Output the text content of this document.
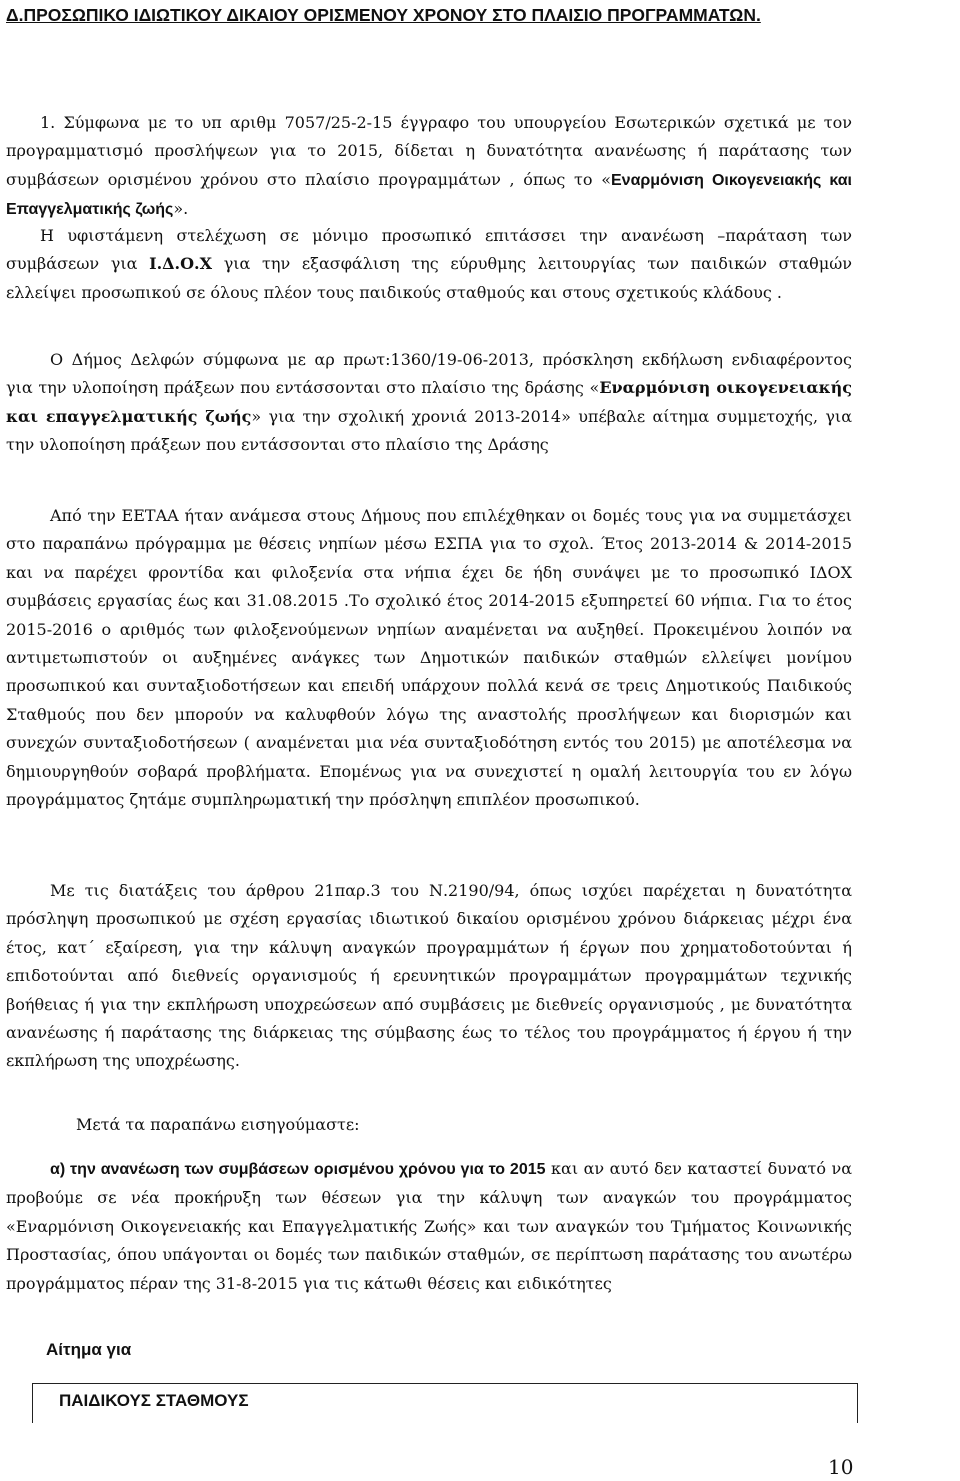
Δ.ΠΡΟΣΩΠΙΚΟ ΙΔΙΩΤΙΚΟΥ ΔΙΚΑΙΟΥ ΟΡΙΣΜΕΝΟΥ ΧΡΟΝΟΥ ΣΤΟ ΠΛΑΙΣΙΟ ΠΡΟΓΡΑΜΜΑΤΩΝ.
1. Σύμφωνα με το υπ αριθμ 7057/25-2-15 έγγραφο του υπουργείου Εσωτερικών σχετικά με τον προγραμματισμό προσλήψεων για το 2015, δίδεται η δυνατότητα ανανέωσης ή παράτασης των συμβάσεων ορισμένου χρόνου στο πλαίσιο προγραμμάτων , όπως το «Εναρμόνιση Οικογενειακής και Επαγγελματικής ζωής».
Η υφιστάμενη στελέχωση σε μόνιμο προσωπικό επιτάσσει την ανανέωση –παράταση των συμβάσεων για Ι.Δ.Ο.Χ για την εξασφάλιση της εύρυθμης λειτουργίας των παιδικών σταθμών ελλείψει προσωπικού σε όλους πλέον τους παιδικούς σταθμούς και στους σχετικούς κλάδους .
Ο Δήμος Δελφών σύμφωνα με αρ πρωτ:1360/19-06-2013, πρόσκληση εκδήλωση ενδιαφέροντος για την υλοποίηση πράξεων που εντάσσονται στο πλαίσιο της δράσης «Εναρμόνιση οικογενειακής και επαγγελματικής ζωής» για την σχολική χρονιά 2013-2014» υπέβαλε αίτημα συμμετοχής, για την υλοποίηση πράξεων που εντάσσονται στο πλαίσιο της Δράσης
Από την ΕΕΤΑΑ ήταν ανάμεσα στους Δήμους που επιλέχθηκαν οι δομές τους για να συμμετάσχει στο παραπάνω πρόγραμμα με θέσεις νηπίων μέσω ΕΣΠΑ για το σχολ. Έτος 2013-2014 & 2014-2015 και να παρέχει φροντίδα και φιλοξενία στα νήπια έχει δε ήδη συνάψει με το προσωπικό ΙΔΟΧ συμβάσεις εργασίας έως και 31.08.2015 .Το σχολικό έτος 2014-2015 εξυπηρετεί 60 νήπια. Για το έτος 2015-2016 ο αριθμός των φιλοξενούμενων νηπίων αναμένεται να αυξηθεί. Προκειμένου λοιπόν να αντιμετωπιστούν οι αυξημένες ανάγκες των Δημοτικών παιδικών σταθμών ελλείψει μονίμου προσωπικού και συνταξιοδοτήσεων και επειδή υπάρχουν πολλά κενά σε τρεις Δημοτικούς Παιδικούς Σταθμούς που δεν μπορούν να καλυφθούν λόγω της αναστολής προσλήψεων και διορισμών και συνεχών συνταξιοδοτήσεων ( αναμένεται μια νέα συνταξιοδότηση εντός του 2015) με αποτέλεσμα να δημιουργηθούν σοβαρά προβλήματα. Επομένως για να συνεχιστεί η ομαλή λειτουργία του εν λόγω προγράμματος ζητάμε συμπληρωματική την πρόσληψη επιπλέον προσωπικού.
Με τις διατάξεις του άρθρου 21παρ.3 του Ν.2190/94, όπως ισχύει παρέχεται η δυνατότητα πρόσληψη προσωπικού με σχέση εργασίας ιδιωτικού δικαίου ορισμένου χρόνου διάρκειας μέχρι ένα έτος, κατ΄ εξαίρεση, για την κάλυψη αναγκών προγραμμάτων ή έργων που χρηματοδοτούνται ή επιδοτούνται από διεθνείς οργανισμούς ή ερευνητικών προγραμμάτων προγραμμάτων τεχνικής βοήθειας ή για την εκπλήρωση υποχρεώσεων από συμβάσεις με διεθνείς οργανισμούς , με δυνατότητα ανανέωσης ή παράτασης της διάρκειας της σύμβασης έως το τέλος του προγράμματος ή έργου ή την εκπλήρωση της υποχρέωσης.
Μετά τα παραπάνω εισηγούμαστε:
α) την ανανέωση των συμβάσεων ορισμένου χρόνου για το 2015 και αν αυτό δεν καταστεί δυνατό να προβούμε σε νέα προκήρυξη των θέσεων για την κάλυψη των αναγκών του προγράμματος «Εναρμόνιση Οικογενειακής και Επαγγελματικής Ζωής» και των αναγκών του Τμήματος Κοινωνικής Προστασίας, όπου υπάγονται οι δομές των παιδικών σταθμών, σε περίπτωση παράτασης του ανωτέρω προγράμματος πέραν της 31-8-2015 για τις κάτωθι θέσεις και ειδικότητες
Αίτημα για
ΠΑΙΔΙΚΟΥΣ ΣΤΑΘΜΟΥΣ
10
